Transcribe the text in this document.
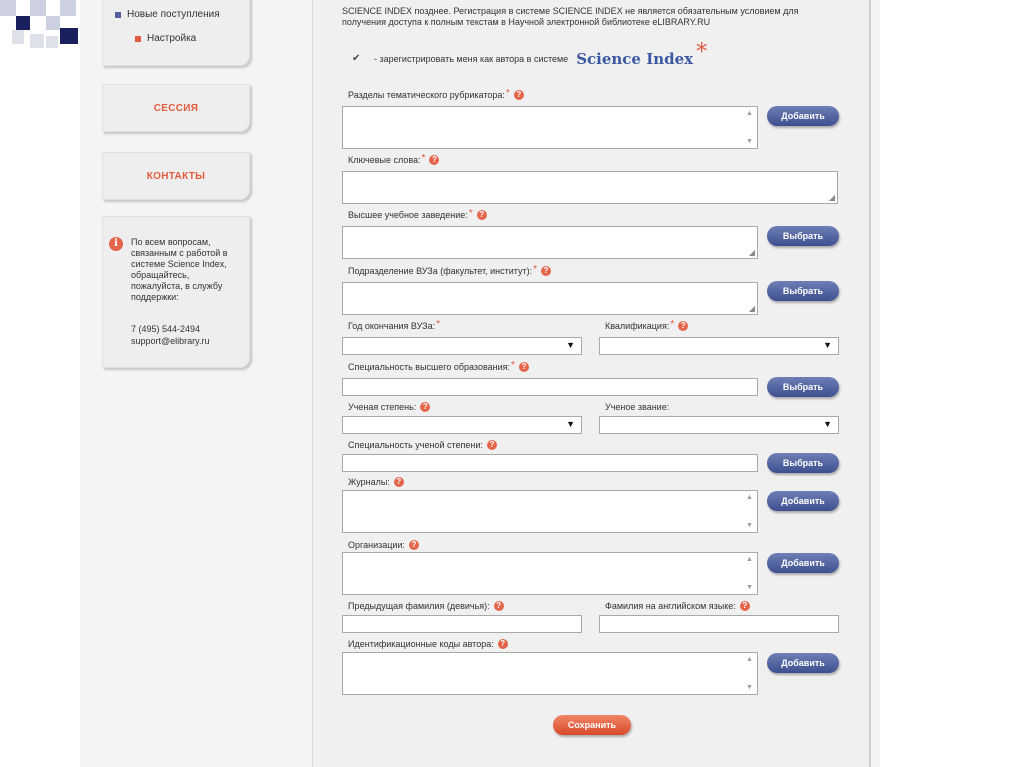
Новые поступления
Настройка
СЕССИЯ
КОНТАКТЫ
i	По всем вопросам, связанным с работой в системе Science Index, обращайтесь, пожалуйста, в службу поддержки:
7 (495) 544-2494
support@elibrary.ru
SCIENCE INDEX позднее. Регистрация в системе SCIENCE INDEX не является обязательным условием для
получения доступа к полным текстам в Научной электронной библиотеке eLIBRARY.RU
✔ - зарегистрировать меня как автора в системе Science Index *
Разделы тематического рубрикатора: * ?
▲
▼
Добавить
Ключевые слова: * ?
◢
Высшее учебное заведение: * ?
◢
Выбрать
Подразделение ВУЗа (факультет, институт): * ?
◢
Выбрать
Год окончания ВУЗа: *
▼
Квалификация: * ?
▼
Специальность высшего образования: * ?
Выбрать
Ученая степень: ?
▼
Ученое звание:
▼
Специальность ученой степени: ?
Выбрать
Журналы: ?
▲
▼
Добавить
Организации: ?
▲
▼
Добавить
Предыдущая фамилия (девичья): ?	Фамилия на английском языке: ?
Идентификационные коды автора: ?
▲
▼
Добавить
Сохранить
